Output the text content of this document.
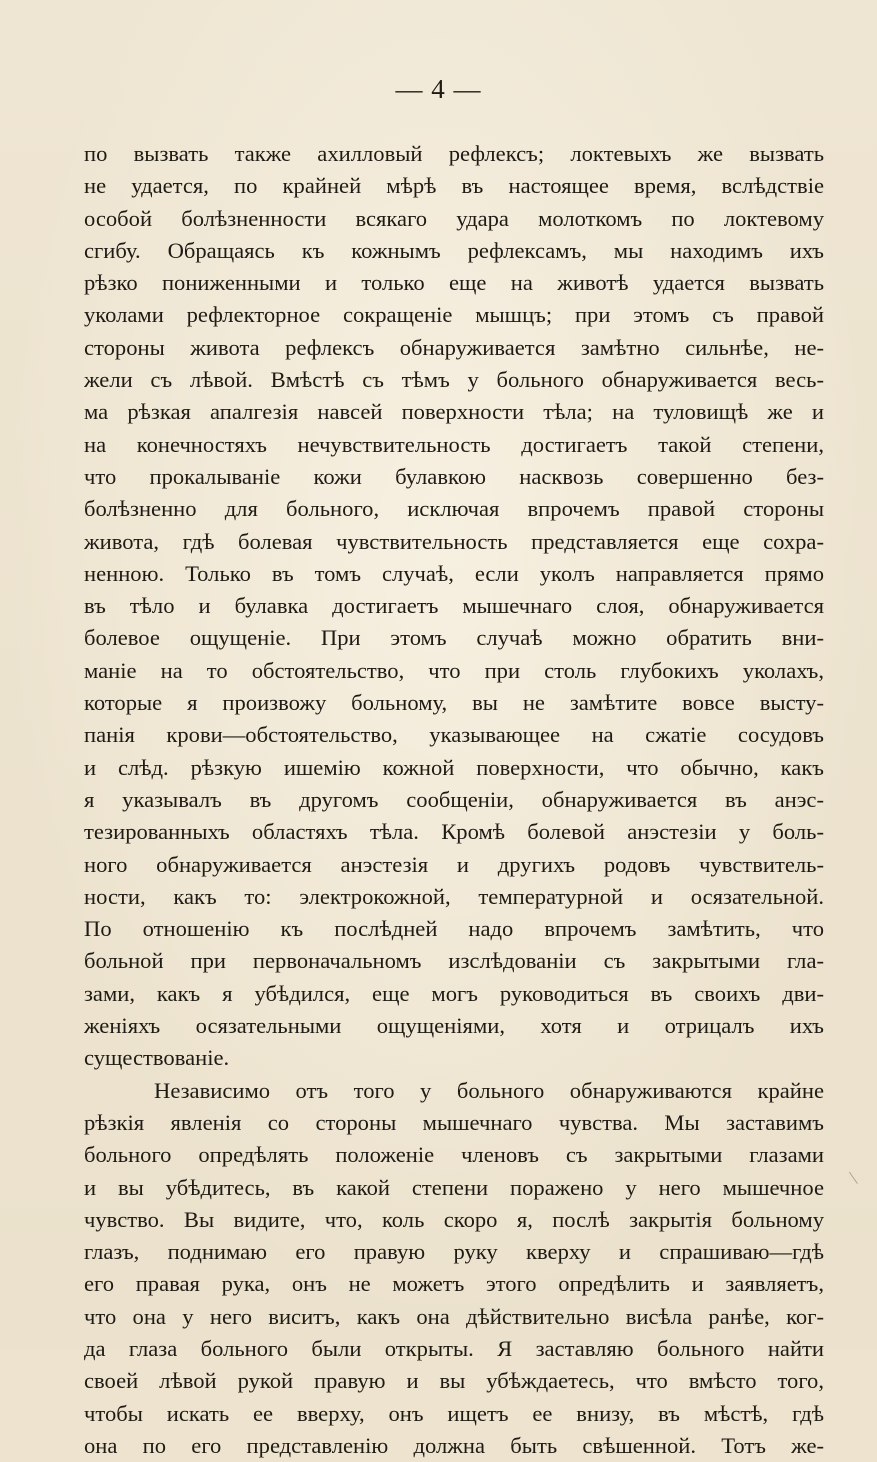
— 4 —
по вызвать также ахилловый рефлексъ; локтевыхъ же вызвать
не удается, по крайней мѣрѣ въ настоящее время, вслѣдствіе
особой болѣзненности всякаго удара молоткомъ по локтевому
сгибу. Обращаясь къ кожнымъ рефлексамъ, мы находимъ ихъ
рѣзко пониженными и только еще на животѣ удается вызвать
уколами рефлекторное сокращеніе мышцъ; при этомъ съ правой
стороны живота рефлексъ обнаруживается замѣтно сильнѣе, не-
жели съ лѣвой. Вмѣстѣ съ тѣмъ у больного обнаруживается весь-
ма рѣзкая апалгезія навсей поверхности тѣла; на туловищѣ же и
на конечностяхъ нечувствительность достигаетъ такой степени,
что прокалываніе кожи булавкою насквозь совершенно без-
болѣзненно для больного, исключая впрочемъ правой стороны
живота, гдѣ болевая чувствительность представляется еще сохра-
ненною. Только въ томъ случаѣ, если уколъ направляется прямо
въ тѣло и булавка достигаетъ мышечнаго слоя, обнаруживается
болевое ощущеніе. При этомъ случаѣ можно обратить вни-
маніе на то обстоятельство, что при столь глубокихъ уколахъ,
которые я произвожу больному, вы не замѣтите вовсе высту-
панія крови—обстоятельство, указывающее на сжатіе сосудовъ
и слѣд. рѣзкую ишемію кожной поверхности, что обычно, какъ
я указывалъ въ другомъ сообщеніи, обнаруживается въ анэс-
тезированныхъ областяхъ тѣла. Кромѣ болевой анэстезіи у боль-
ного обнаруживается анэстезія и другихъ родовъ чувствитель-
ности, какъ то: электрокожной, температурной и осязательной.
По отношенію къ послѣдней надо впрочемъ замѣтить, что
больной при первоначальномъ изслѣдованіи съ закрытыми гла-
зами, какъ я убѣдился, еще могъ руководиться въ своихъ дви-
женіяхъ осязательными ощущеніями, хотя и отрицалъ ихъ
существованіе.
Независимо отъ того у больного обнаруживаются крайне
рѣзкія явленія со стороны мышечнаго чувства. Мы заставимъ
больного опредѣлять положеніе членовъ съ закрытыми глазами
и вы убѣдитесь, въ какой степени поражено у него мышечное
чувство. Вы видите, что, коль скоро я, послѣ закрытія больному
глазъ, поднимаю его правую руку кверху и спрашиваю—гдѣ
его правая рука, онъ не можетъ этого опредѣлить и заявляетъ,
что она у него виситъ, какъ она дѣйствительно висѣла ранѣе, ког-
да глаза больного были открыты. Я заставляю больного найти
своей лѣвой рукой правую и вы убѣждаетесь, что вмѣсто того,
чтобы искать ее вверху, онъ ищетъ ее внизу, въ мѣстѣ, гдѣ
она по его представленію должна быть свѣшенной. Тотъ же-
